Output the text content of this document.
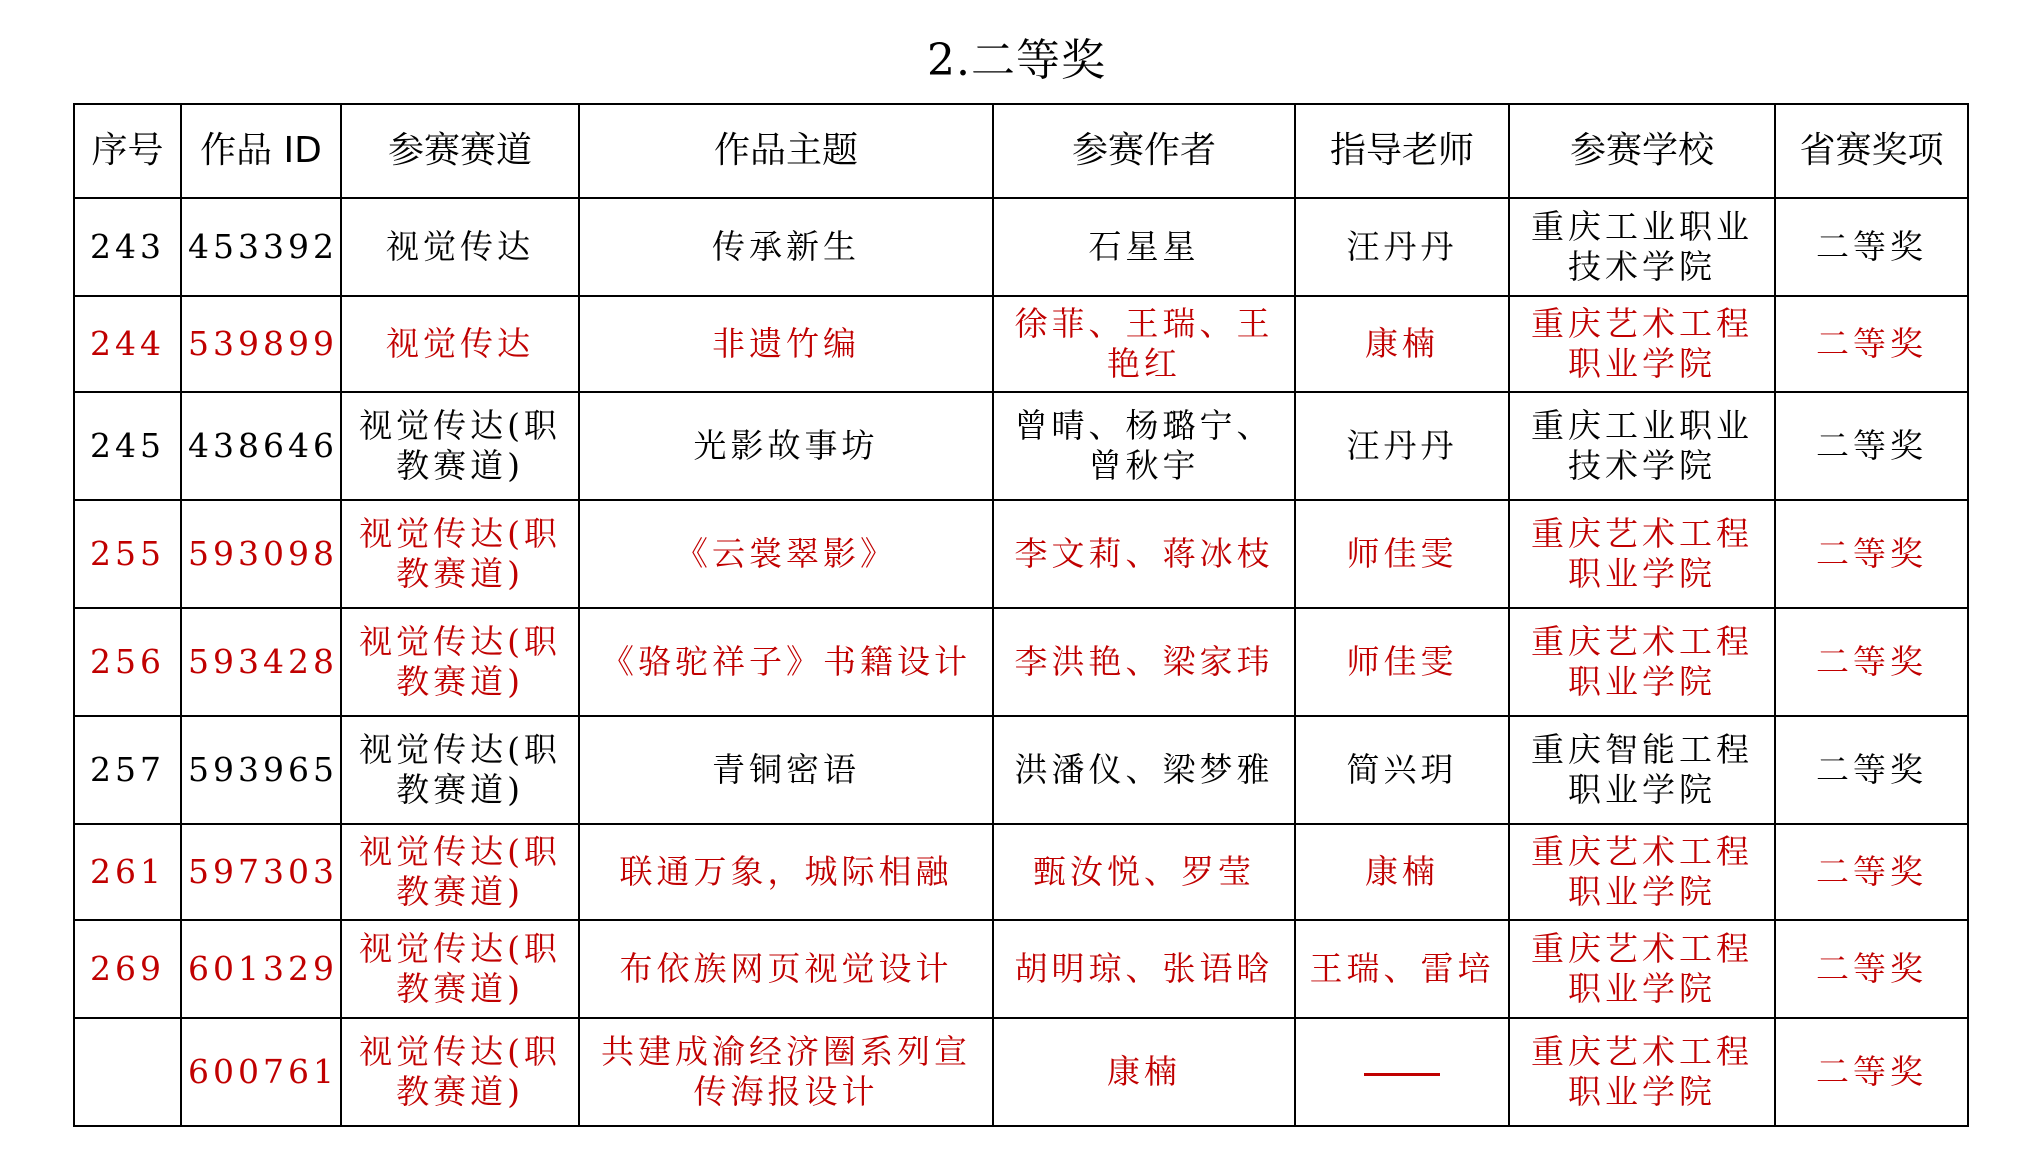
2.二等奖
序号	作品 ID	参赛赛道	作品主题	参赛作者	指导老师	参赛学校	省赛奖项
243	453392	视觉传达	传承新生	石星星	汪丹丹	重庆工业职业技术学院	二等奖
244	539899	视觉传达	非遗竹编	徐菲、王瑞、王艳红	康楠	重庆艺术工程职业学院	二等奖
245	438646	视觉传达(职教赛道)	光影故事坊	曾晴、杨璐宁、曾秋宇	汪丹丹	重庆工业职业技术学院	二等奖
255	593098	视觉传达(职教赛道)	《云裳翠影》	李文莉、蒋冰枝	师佳雯	重庆艺术工程职业学院	二等奖
256	593428	视觉传达(职教赛道)	《骆驼祥子》书籍设计	李洪艳、梁家玮	师佳雯	重庆艺术工程职业学院	二等奖
257	593965	视觉传达(职教赛道)	青铜密语	洪潘仪、梁梦雅	简兴玥	重庆智能工程职业学院	二等奖
261	597303	视觉传达(职教赛道)	联通万象，城际相融	甄汝悦、罗莹	康楠	重庆艺术工程职业学院	二等奖
269	601329	视觉传达(职教赛道)	布依族网页视觉设计	胡明琼、张语晗	王瑞、雷培	重庆艺术工程职业学院	二等奖
	600761	视觉传达(职教赛道)	共建成渝经济圈系列宣传海报设计	康楠		重庆艺术工程职业学院	二等奖
